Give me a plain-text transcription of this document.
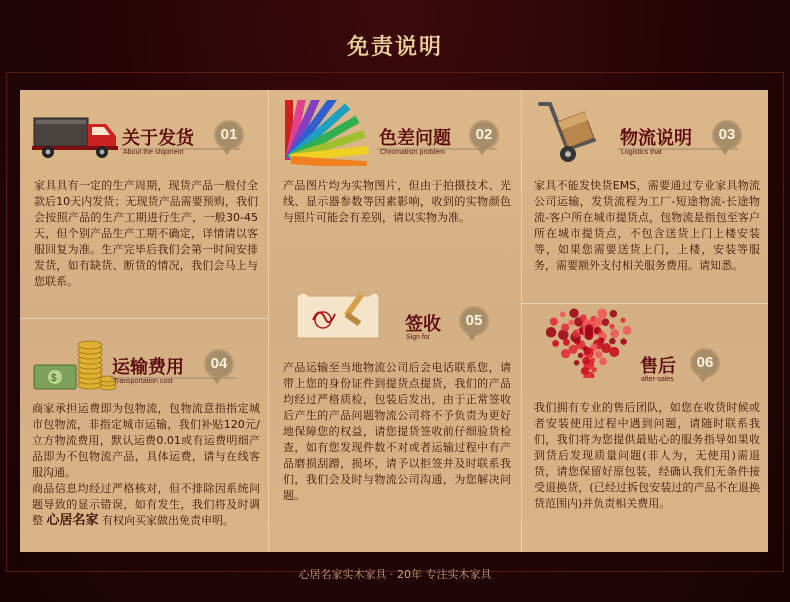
免责说明
关于发货
About the shipment
01
家具具有一定的生产周期，现货产品一般付全款后10天内发货；无现货产品需要预购，我们会按照产品的生产工期进行生产，一般30-45天，但个别产品生产工期不确定，详情请以客服回复为准。生产完毕后我们会第一时间安排发货，如有缺货、断货的情况，我们会马上与您联系。
色差问题
Chromatism problem
02
产品图片均为实物图片，但由于拍摄技术、光线、显示器参数等因素影响，收到的实物颜色与照片可能会有差别，请以实物为准。
物流说明
Logistics that
03
家具不能发快货EMS，需要通过专业家具物流公司运输，发货流程为工厂-短途物流-长途物流-客户所在城市提货点，包物流是指包至客户所在城市提货点，不包含送货上门上楼安装等，如果您需要送货上门，上楼，安装等服务，需要额外支付相关服务费用。请知悉。
签收
Sign for
05
产品运输至当地物流公司后会电话联系您，请带上您的身份证件到提货点提货，我们的产品均经过严格质检，包装后发出，由于正常签收后产生的产品问题物流公司将不予负责为更好地保障您的权益，请您提货签收前仔细验货检查，如有您发现件数不对或者运输过程中有产品磨损刮蹭，损坏，请予以拒签并及时联系我们，我们会及时与物流公司沟通，为您解决问题。
$
运输费用
Transportation cost
04
商家承担运费即为包物流，包物流意指指定城市包物流，非指定城市运输，我们补贴120元/立方物流费用，默认运费0.01或有运费明细产品即为不包物流产品，具体运费，请与在线客服沟通。
商品信息均经过严格核对，但不排除因系统问题导致的显示错误，如有发生，我们将及时调整 心居名家 有权向买家做出免责申明。
售后
after-sales
06
我们拥有专业的售后团队，如您在收货时候或者安装使用过程中遇到问题，请随时联系我们，我们将为您提供最贴心的服务指导如果收到货后发现质量问题(非人为，无使用)需退货，请您保留好原包装，经确认我们无条件接受退换货，(已经过拆包安装过的产品不在退换货范围内)并负责相关费用。
心居名家实木家具 · 20年 专注实木家具
